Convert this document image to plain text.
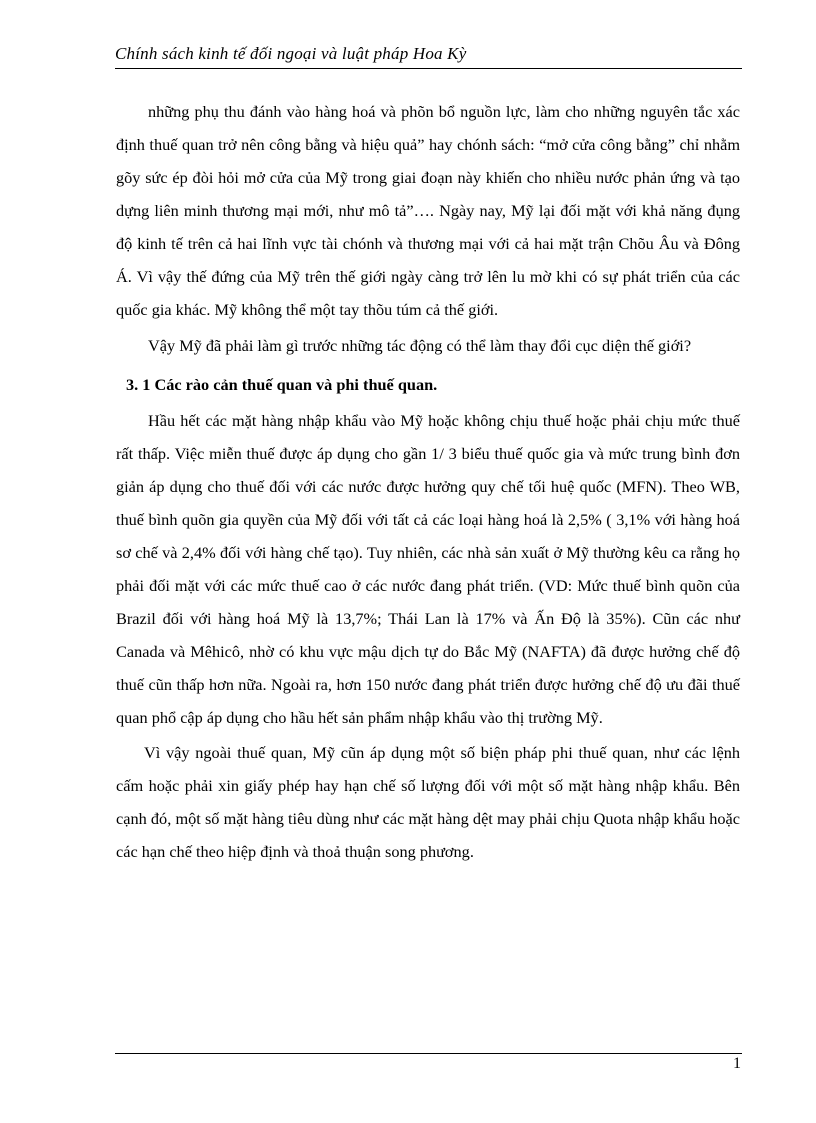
Chính sách kinh tế đối ngoại và luật pháp Hoa Kỳ

những phụ thu đánh vào hàng hoá và phõn bổ nguồn lực, làm cho những nguyên tắc xác định thuế quan trở nên công bằng và hiệu quả” hay chónh sách: “mở cửa công bằng” chỉ nhằm gõy sức ép đòi hỏi mở cửa của Mỹ trong giai đoạn này khiến cho nhiều nước phản ứng và tạo dựng liên minh thương mại mới, như mô tả”…. Ngày nay, Mỹ lại đối mặt với khả năng đụng độ kinh tế trên cả hai lĩnh vực tài chónh và thương mại với cả hai mặt trận Chõu Âu và Đông Á. Vì vậy thế đứng của Mỹ trên thế giới ngày càng trở lên lu mờ khi có sự phát triển của các quốc gia khác. Mỹ không thể một tay thõu túm cả thế giới.

Vậy Mỹ đã phải làm gì trước những tác động có thể làm thay đổi cục diện thế giới?

3. 1 Các rào cản thuế quan và phi thuế quan.

Hầu hết các mặt hàng nhập khẩu vào Mỹ hoặc không chịu thuế hoặc phải chịu mức thuế rất thấp. Việc miễn thuế được áp dụng cho gần 1/ 3 biểu thuế quốc gia và mức trung bình đơn giản áp dụng cho thuế đối với các nước được hưởng quy chế tối huệ quốc (MFN). Theo WB, thuế bình quõn gia quyền của Mỹ đối với tất cả các loại hàng hoá là 2,5% ( 3,1% với hàng hoá sơ chế và 2,4% đối với hàng chế tạo). Tuy nhiên, các nhà sản xuất ở Mỹ thường kêu ca rằng họ phải đối mặt với các mức thuế cao ở các nước đang phát triển. (VD: Mức thuế bình quõn của Brazil đối với hàng hoá Mỹ là 13,7%; Thái Lan là 17% và Ấn Độ là 35%). Cũn các như Canada và Mêhicô, nhờ có khu vực mậu dịch tự do Bắc Mỹ (NAFTA) đã được hưởng chế độ thuế cũn thấp hơn nữa. Ngoài ra, hơn 150 nước đang phát triển được hưởng chế độ ưu đãi thuế quan phổ cập áp dụng cho hầu hết sản phẩm nhập khẩu vào thị trường Mỹ.

Vì vậy ngoài thuế quan, Mỹ cũn áp dụng một số biện pháp phi thuế quan, như các lệnh cấm hoặc phải xin giấy phép hay hạn chế số lượng đối với một số mặt hàng nhập khẩu. Bên cạnh đó, một số mặt hàng tiêu dùng như các mặt hàng dệt may phải chịu Quota nhập khẩu hoặc các hạn chế theo hiệp định và thoả thuận song phương.

1
